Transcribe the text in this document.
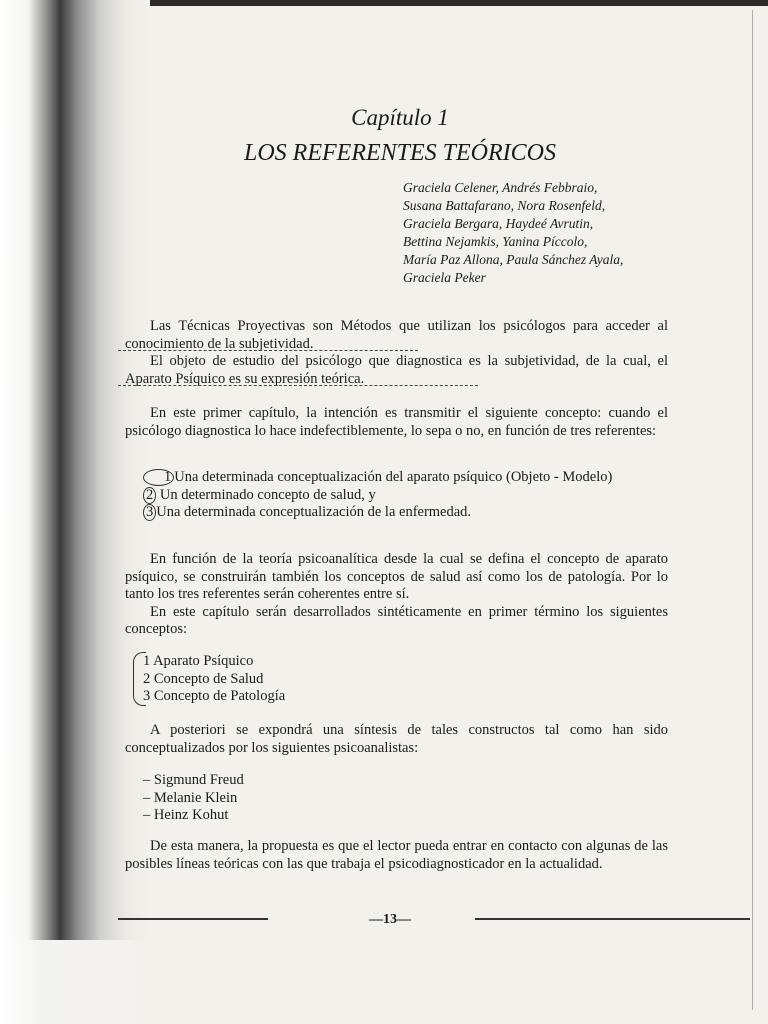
Capítulo 1
LOS REFERENTES TEÓRICOS
Graciela Celener, Andrés Febbraio,
Susana Battafarano, Nora Rosenfeld,
Graciela Bergara, Haydeé Avrutin,
Bettina Nejamkis, Yanina Píccolo,
María Paz Allona, Paula Sánchez Ayala,
Graciela Peker

Las Técnicas Proyectivas son Métodos que utilizan los psicólogos para acceder al conocimiento de la subjetividad.

El objeto de estudio del psicólogo que diagnostica es la subjetividad, de la cual, el Aparato Psíquico es su expresión teórica.

En este primer capítulo, la intención es transmitir el siguiente concepto: cuando el psicólogo diagnostica lo hace indefectiblemente, lo sepa o no, en función de tres referentes:

1 Una determinada conceptualización del aparato psíquico (Objeto - Modelo)
2 Un determinado concepto de salud, y
3 Una determinada conceptualización de la enfermedad.

En función de la teoría psicoanalítica desde la cual se defina el concepto de aparato psíquico, se construirán también los conceptos de salud así como los de patología. Por lo tanto los tres referentes serán coherentes entre sí.

En este capítulo serán desarrollados sintéticamente en primer término los siguientes conceptos:

1 Aparato Psíquico
2 Concepto de Salud
3 Concepto de Patología

A posteriori se expondrá una síntesis de tales constructos tal como han sido conceptualizados por los siguientes psicoanalistas:

– Sigmund Freud
– Melanie Klein
– Heinz Kohut

De esta manera, la propuesta es que el lector pueda entrar en contacto con algunas de las posibles líneas teóricas con las que trabaja el psicodiagnosticador en la actualidad.

—13—
